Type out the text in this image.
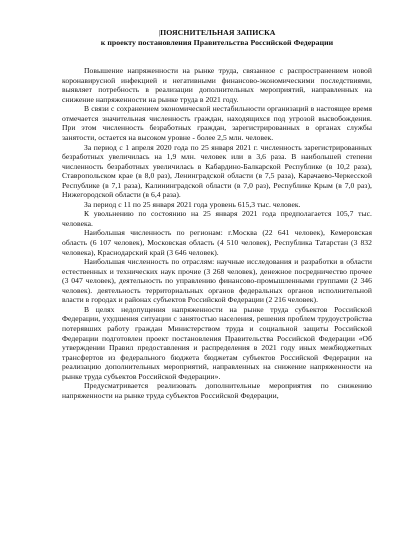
|ПОЯСНИТЕЛЬНАЯ ЗАПИСКА

к проекту постановления Правительства Российской Федерации

Повышение напряженности на рынке труда, связанное с распространением новой коронавирусной инфекцией и негативными финансово-экономическими последствиями, выявляет потребность в реализации дополнительных мероприятий, направленных на снижение напряженности на рынке труда в 2021 году.

В связи с сохранением экономической нестабильности организаций в настоящее время отмечается значительная численность граждан, находящихся под угрозой высвобождения. При этом численность безработных граждан, зарегистрированных в органах службы занятости, остается на высоком уровне - более 2,5 млн. человек.

За период с 1 апреля 2020 года по 25 января 2021 г. численность зарегистрированных безработных увеличилась на 1,9 млн. человек или в 3,6 раза. В наибольшей степени численность безработных увеличилась в Кабардино-Балкарской Республике (в 10,2 раза), Ставропольском крае (в 8,0 раз), Ленинградской области (в 7,5 раза), Карачаево-Черкесской Республике (в 7,1 раза), Калининградской области (в 7,0 раз), Республике Крым (в 7,0 раз), Нижегородской области (в 6,4 раза).

За период с 11 по 25 января 2021 года уровень 615,3 тыс. человек.

К увольнению по состоянию на 25 января 2021 года предполагается 105,7 тыс. человека.

Наибольшая численность по регионам: г.Москва (22 641 человек), Кемеровская область (6 107 человек), Московская область (4 510 человек), Республика Татарстан (3 832 человека), Краснодарский край (3 646 человек).

Наибольшая численность по отраслям: научные исследования и разработки в области естественных и технических наук прочие (3 268 человек), денежное посредничество прочее (3 047 человек), деятельность по управлению финансово-промышленными группами (2 346 человек). деятельность территориальных органов федеральных органов исполнительной власти в городах и районах субъектов Российской Федерации (2 216 человек).

В целях недопущения напряженности на рынке труда субъектов Российской Федерации, ухудшения ситуации с занятостью населения, решения проблем трудоустройства потерявших работу граждан Министерством труда и социальной защиты Российской Федерации подготовлен проект постановления Правительства Российской Федерации «Об утверждении Правил предоставления и распределения в 2021 году иных межбюджетных трансфертов из федерального бюджета бюджетам субъектов Российской Федерации на реализацию дополнительных мероприятий, направленных на снижение напряженности на рынке труда субъектов Российской Федерации».

Предусматривается реализовать дополнительные мероприятия по снижению напряженности на рынке труда субъектов Российской Федерации,
